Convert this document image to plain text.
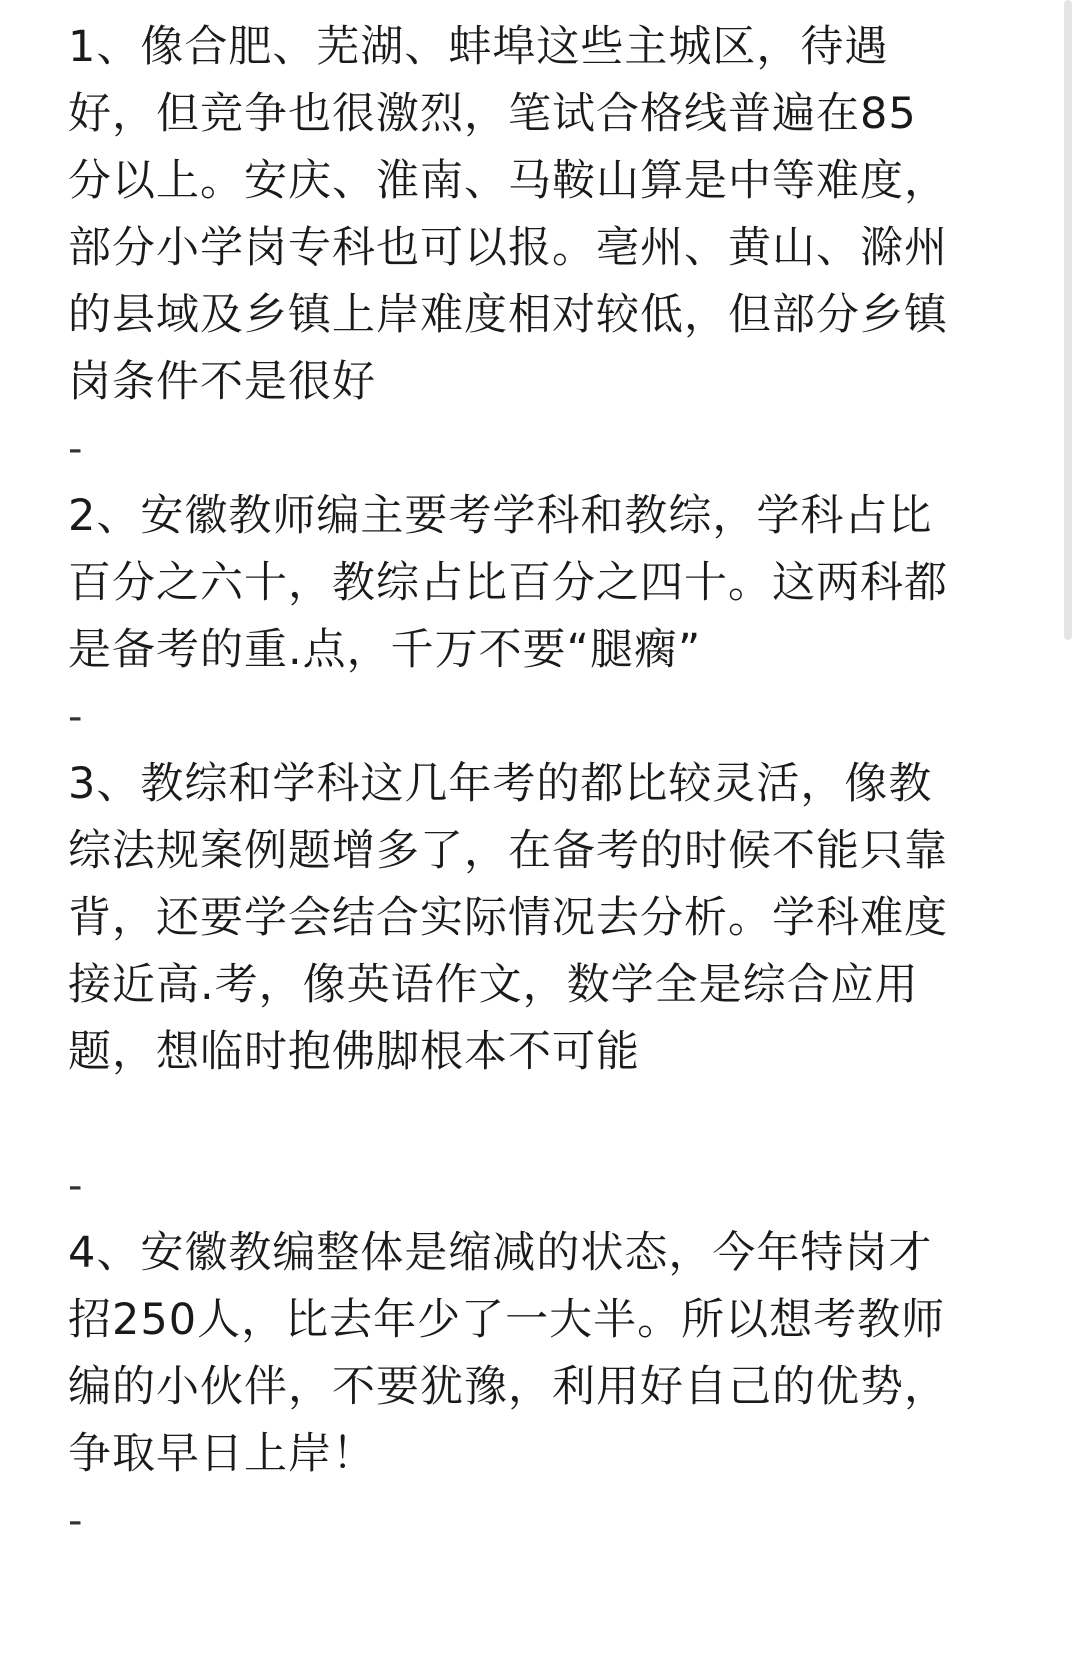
1、像合肥、芜湖、蚌埠这些主城区，待遇好，但竞争也很激烈，笔试合格线普遍在85分以上。安庆、淮南、马鞍山算是中等难度，部分小学岗专科也可以报。亳州、黄山、滁州的县域及乡镇上岸难度相对较低，但部分乡镇岗条件不是很好

-

2、安徽教师编主要考学科和教综，学科占比百分之六十，教综占比百分之四十。这两科都是备考的重.点，千万不要“腿瘸”

-

3、教综和学科这几年考的都比较灵活，像教综法规案例题增多了，在备考的时候不能只靠背，还要学会结合实际情况去分析。学科难度接近高.考，像英语作文，数学全是综合应用题，想临时抱佛脚根本不可能

-

4、安徽教编整体是缩减的状态，今年特岗才招250人，比去年少了一大半。所以想考教师编的小伙伴，不要犹豫，利用好自己的优势，争取早日上岸！

-
